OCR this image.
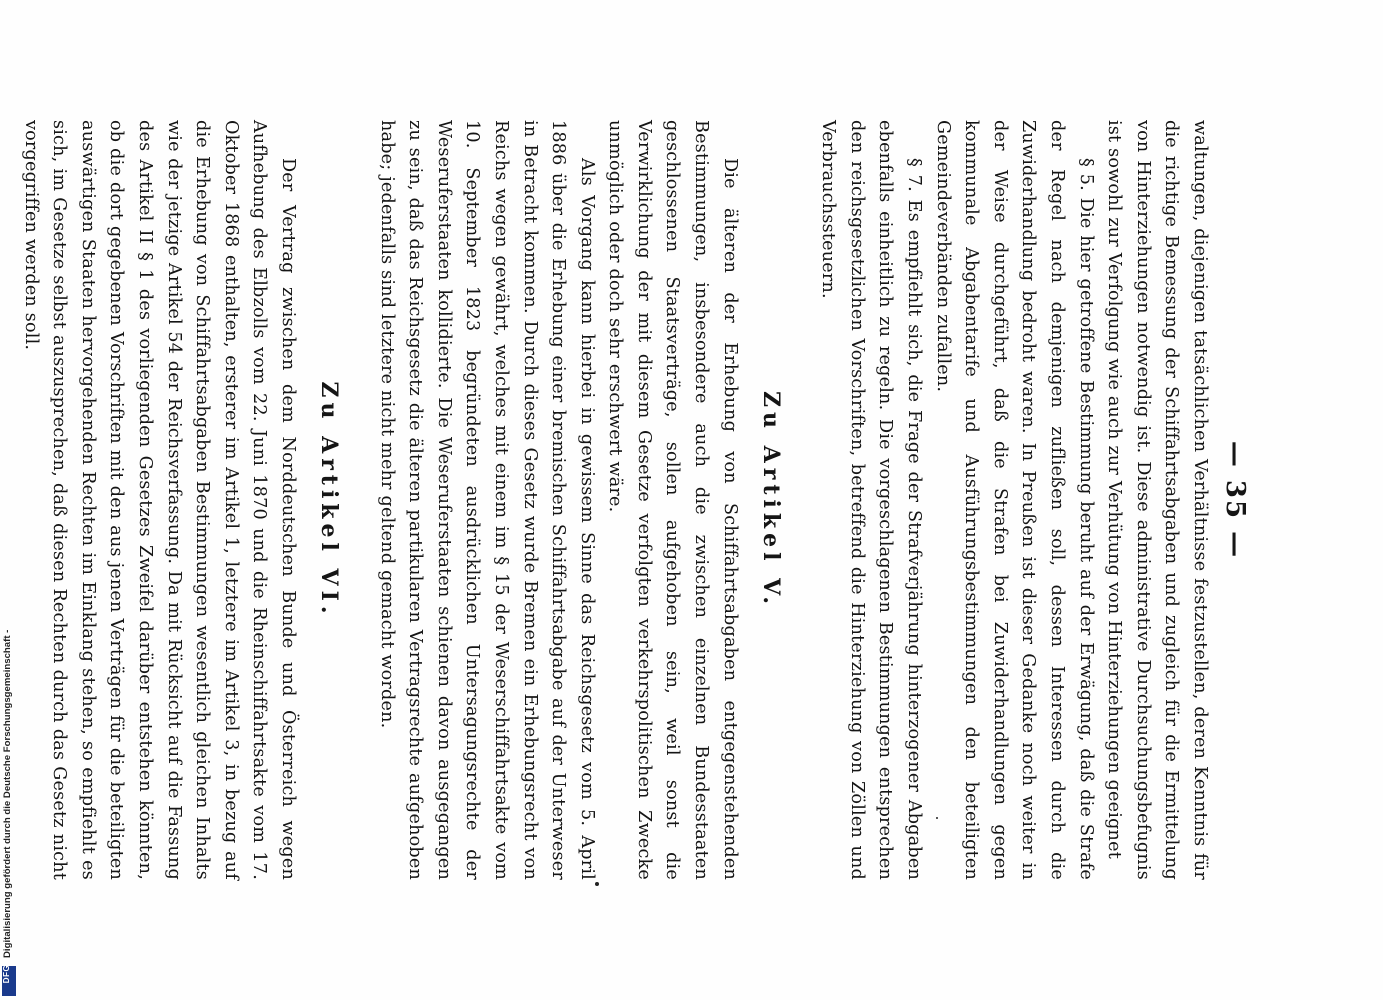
Digitalisierung gefördert durch die Deutsche Forschungsgemeinschaft -
DFG
— 35 —

waltungen, diejenigen tatsächlichen Verhältnisse festzustellen, deren Kenntnis für die richtige Bemessung der Schiffahrtsabgaben und zugleich für die Ermittelung von Hinterziehungen notwendig ist. Diese administrative Durchsuchungsbefugnis ist sowohl zur Verfolgung wie auch zur Verhütung von Hinterziehungen geeignet

§ 5. Die hier getroffene Bestimmung beruht auf der Erwägung, daß die Strafe der Regel nach demjenigen zufließen soll, dessen Interessen durch die Zuwiderhandlung bedroht waren. In Preußen ist dieser Gedanke noch weiter in der Weise durchgeführt, daß die Strafen bei Zuwiderhandlungen gegen kommunale Abgabentarife und Ausführungsbestimmungen den beteiligten Gemeindeverbänden zufallen.

§ 7. Es empfiehlt sich, die Frage der Strafverjährung hinterzogener Abgaben ebenfalls einheitlich zu regeln. Die vorgeschlagenen Bestimmungen entsprechen den reichsgesetzlichen Vorschriften, betreffend die Hinterziehung von Zöllen und Verbrauchssteuern.

Zu Artikel V.

Die älteren der Erhebung von Schiffahrtsabgaben entgegenstehenden Bestimmungen, insbesondere auch die zwischen einzelnen Bundesstaaten geschlossenen Staatsverträge, sollen aufgehoben sein, weil sonst die Verwirklichung der mit diesem Gesetze verfolgten verkehrspolitischen Zwecke unmöglich oder doch sehr erschwert wäre.

Als Vorgang kann hierbei in gewissem Sinne das Reichsgesetz vom 5. April 1886 über die Erhebung einer bremischen Schiffahrtsabgabe auf der Unterweser in Betracht kommen. Durch dieses Gesetz wurde Bremen ein Erhebungsrecht von Reichs wegen gewährt, welches mit einem im § 15 der Weserschiffahrtsakte vom 10. September 1823 begründeten ausdrücklichen Untersagungsrechte der Weseruferstaaten kollidierte. Die Weseruferstaaten schienen davon ausgegangen zu sein, daß das Reichsgesetz die älteren partikularen Vertragsrechte aufgehoben habe; jedenfalls sind letztere nicht mehr geltend gemacht worden.

Zu Artikel VI.

Der Vertrag zwischen dem Norddeutschen Bunde und Österreich wegen Aufhebung des Elbzolls vom 22. Juni 1870 und die Rheinschiffahrtsakte vom 17. Oktober 1868 enthalten, ersterer im Artikel 1, letztere im Artikel 3, in bezug auf die Erhebung von Schiffahrtsabgaben Bestimmungen wesentlich gleichen Inhalts wie der jetzige Artikel 54 der Reichsverfassung. Da mit Rücksicht auf die Fassung des Artikel II § 1 des vorliegenden Gesetzes Zweifel darüber entstehen könnten, ob die dort gegebenen Vorschriften mit den aus jenen Verträgen für die beteiligten auswärtigen Staaten hervorgehenden Rechten im Einklang stehen, so empfiehlt es sich, im Gesetze selbst auszusprechen, daß diesen Rechten durch das Gesetz nicht vorgegriffen werden soll.
